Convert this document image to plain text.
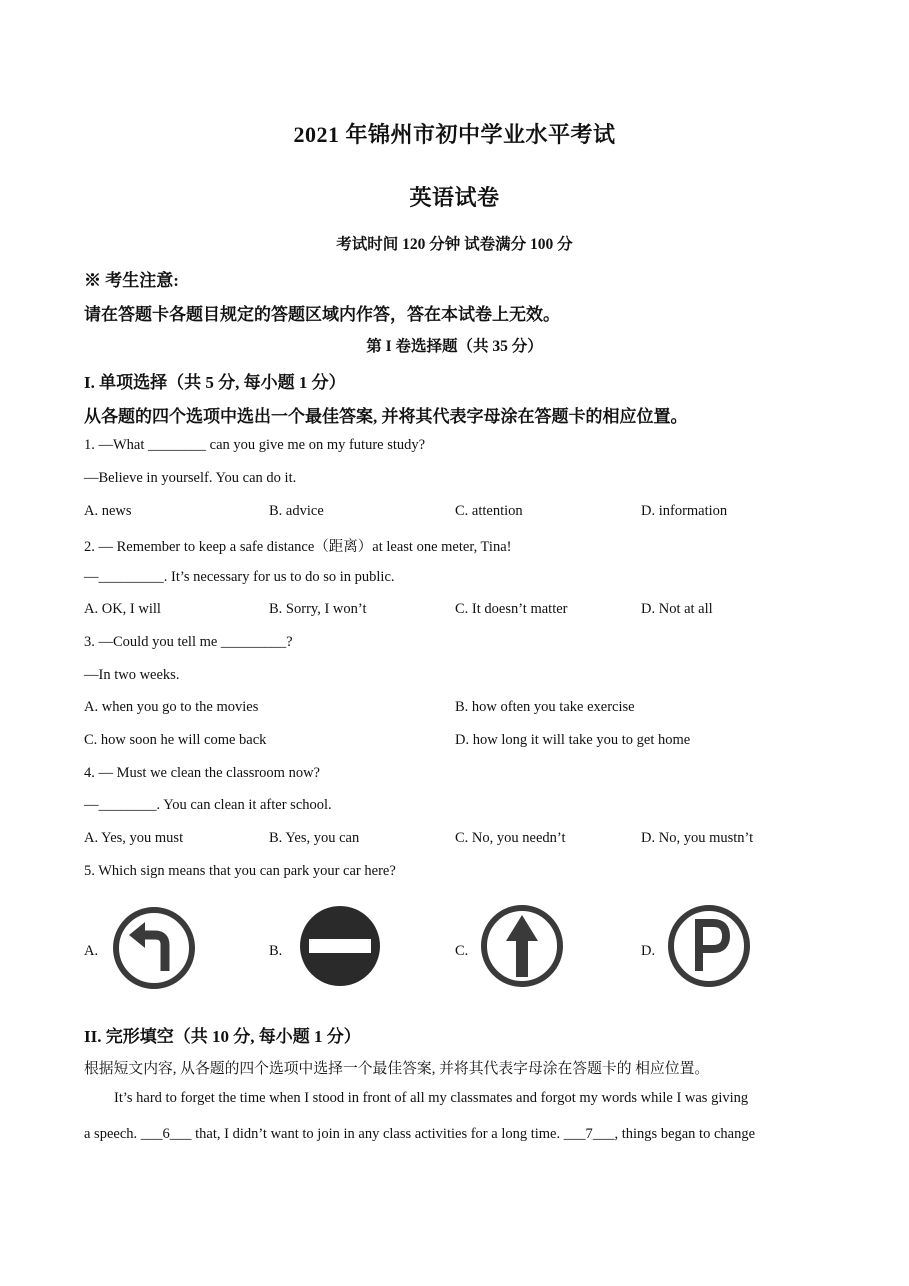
2021 年锦州市初中学业水平考试
英语试卷
考试时间 120 分钟 试卷满分 100 分
※ 考生注意:
请在答题卡各题目规定的答题区域内作答，答在本试卷上无效。
第 I 卷选择题（共 35 分）
I. 单项选择（共 5 分, 每小题 1 分）
从各题的四个选项中选出一个最佳答案, 并将其代表字母涂在答题卡的相应位置。
1. —What ________ can you give me on my future study?
—Believe in yourself. You can do it.
A. news	B. advice	C. attention	D. information
2. — Remember to keep a safe distance（距离）at least one meter, Tina!
—_________. It’s necessary for us to do so in public.
A. OK, I will	B. Sorry, I won’t	C. It doesn’t matter	D. Not at all
3. —Could you tell me _________?
—In two weeks.
A. when you go to the movies	B. how often you take exercise
C. how soon he will come back	D. how long it will take you to get home
4. — Must we clean the classroom now?
—________. You can clean it after school.
A. Yes, you must	B. Yes, you can	C. No, you needn’t	D. No, you mustn’t
5. Which sign means that you can park your car here?
A.	B.	C.	D.
II. 完形填空（共 10 分, 每小题 1 分）
根据短文内容, 从各题的四个选项中选择一个最佳答案, 并将其代表字母涂在答题卡的 相应位置。
It’s hard to forget the time when I stood in front of all my classmates and forgot my words while I was giving
a speech. ___6___ that, I didn’t want to join in any class activities for a long time. ___7___, things began to change
